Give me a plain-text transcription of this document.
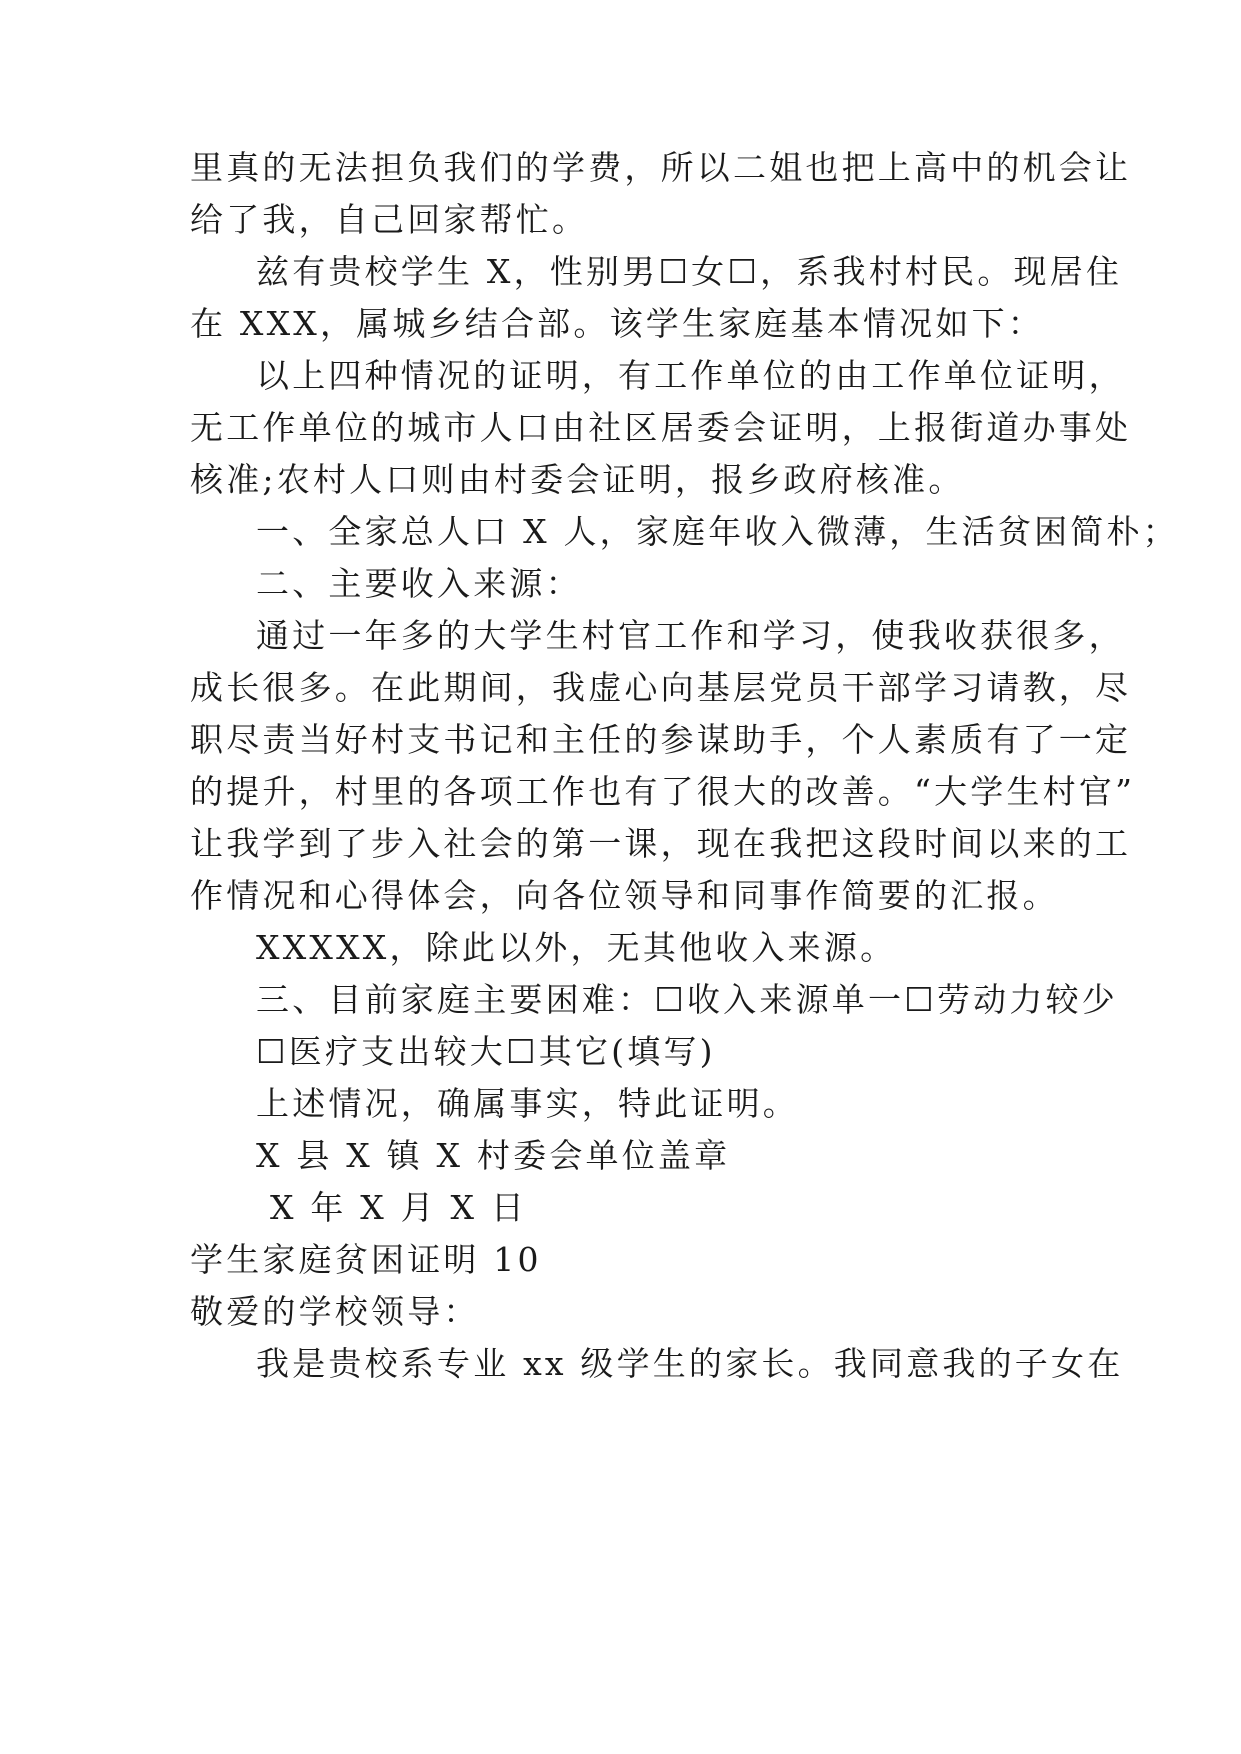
里真的无法担负我们的学费，所以二姐也把上高中的机会让
给了我，自己回家帮忙。
兹有贵校学生 X，性别男☐女☐，系我村村民。现居住
在 XXX，属城乡结合部。该学生家庭基本情况如下：
以上四种情况的证明，有工作单位的由工作单位证明，
无工作单位的城市人口由社区居委会证明，上报街道办事处
核准;农村人口则由村委会证明，报乡政府核准。
一、全家总人口 X 人，家庭年收入微薄，生活贫困简朴；
二、主要收入来源：
通过一年多的大学生村官工作和学习，使我收获很多，
成长很多。在此期间，我虚心向基层党员干部学习请教，尽
职尽责当好村支书记和主任的参谋助手，个人素质有了一定
的提升，村里的各项工作也有了很大的改善。“大学生村官”
让我学到了步入社会的第一课，现在我把这段时间以来的工
作情况和心得体会，向各位领导和同事作简要的汇报。
XXXXX，除此以外，无其他收入来源。
三、目前家庭主要困难：☐收入来源单一☐劳动力较少
☐医疗支出较大☐其它(填写)
上述情况，确属事实，特此证明。
X 县 X 镇 X 村委会单位盖章
X 年 X 月 X 日
学生家庭贫困证明 10
敬爱的学校领导：
我是贵校系专业 xx 级学生的家长。我同意我的子女在
